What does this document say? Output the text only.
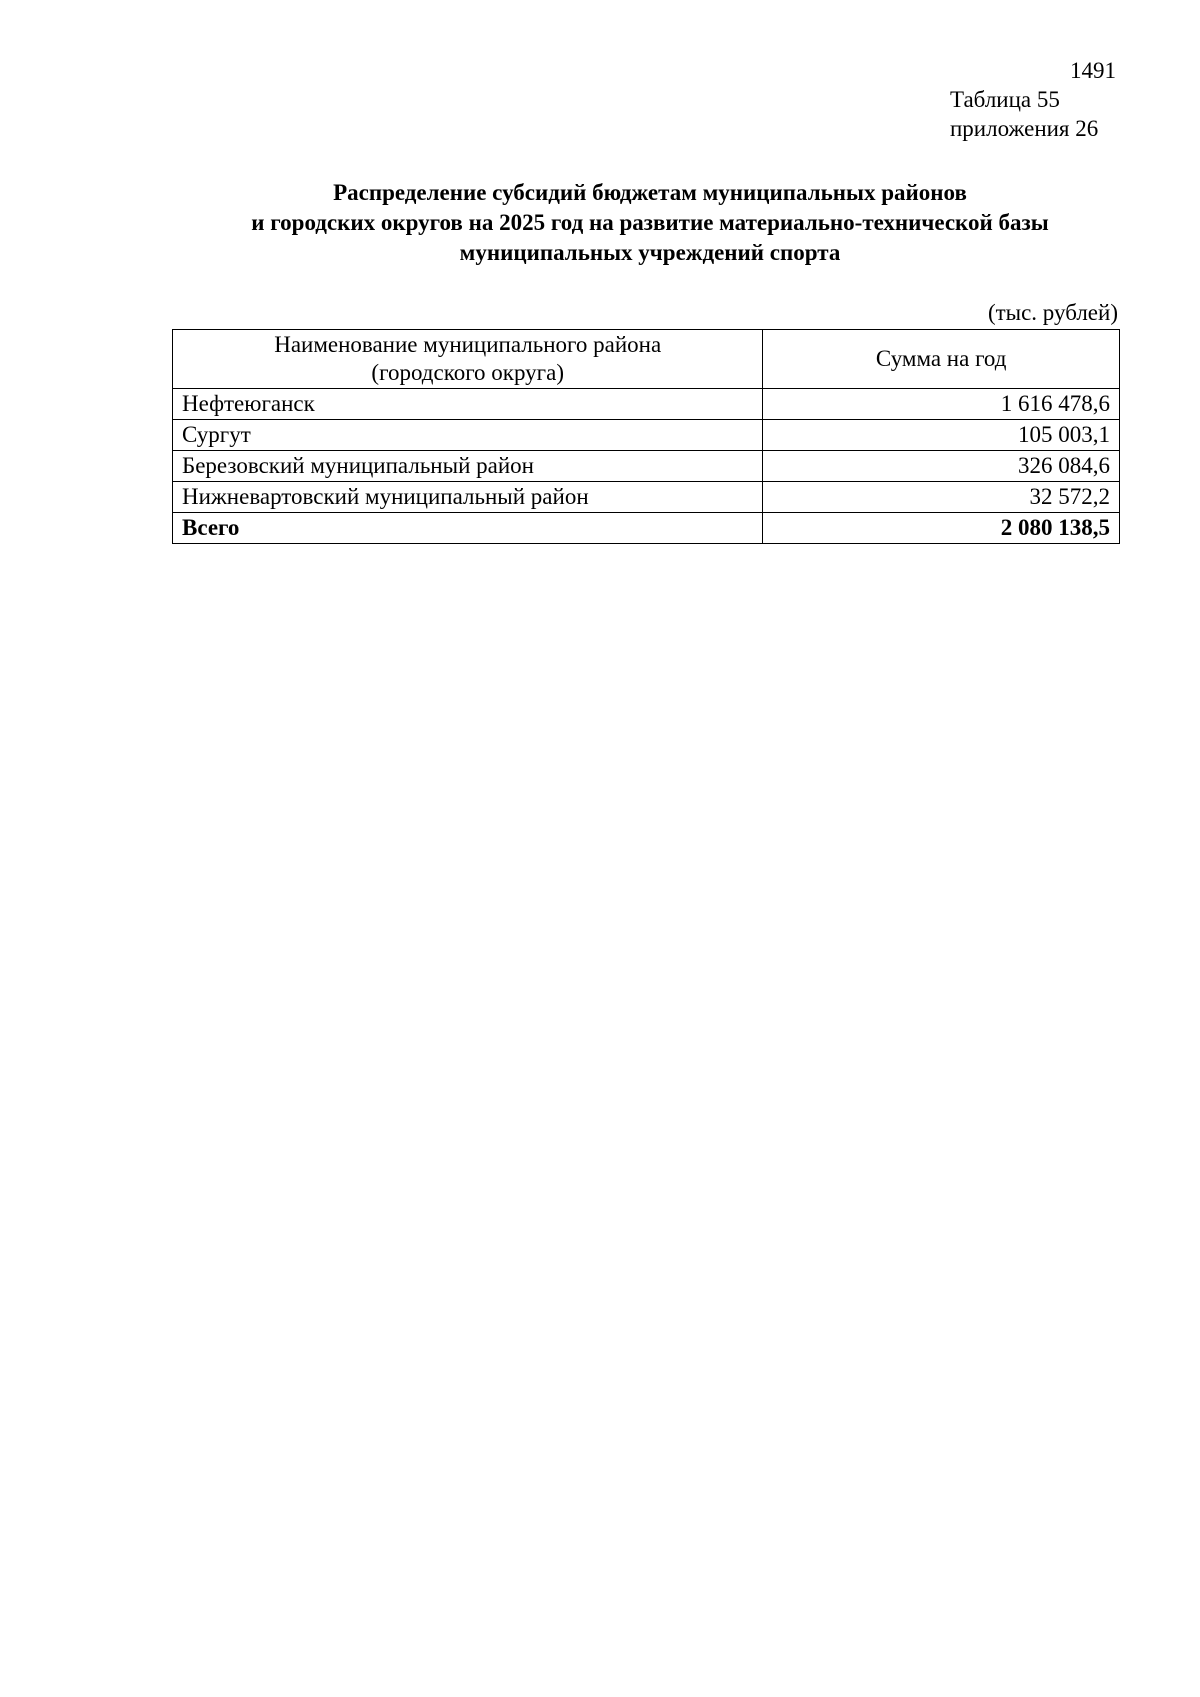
1491
Таблица 55
приложения 26
Распределение субсидий бюджетам муниципальных районов
и городских округов на 2025 год на развитие материально-технической базы
муниципальных учреждений спорта
(тыс. рублей)
Наименование муниципального района
(городского округа)	Сумма на год
Нефтеюганск	1 616 478,6
Сургут	105 003,1
Березовский муниципальный район	326 084,6
Нижневартовский муниципальный район	32 572,2
Всего	2 080 138,5
